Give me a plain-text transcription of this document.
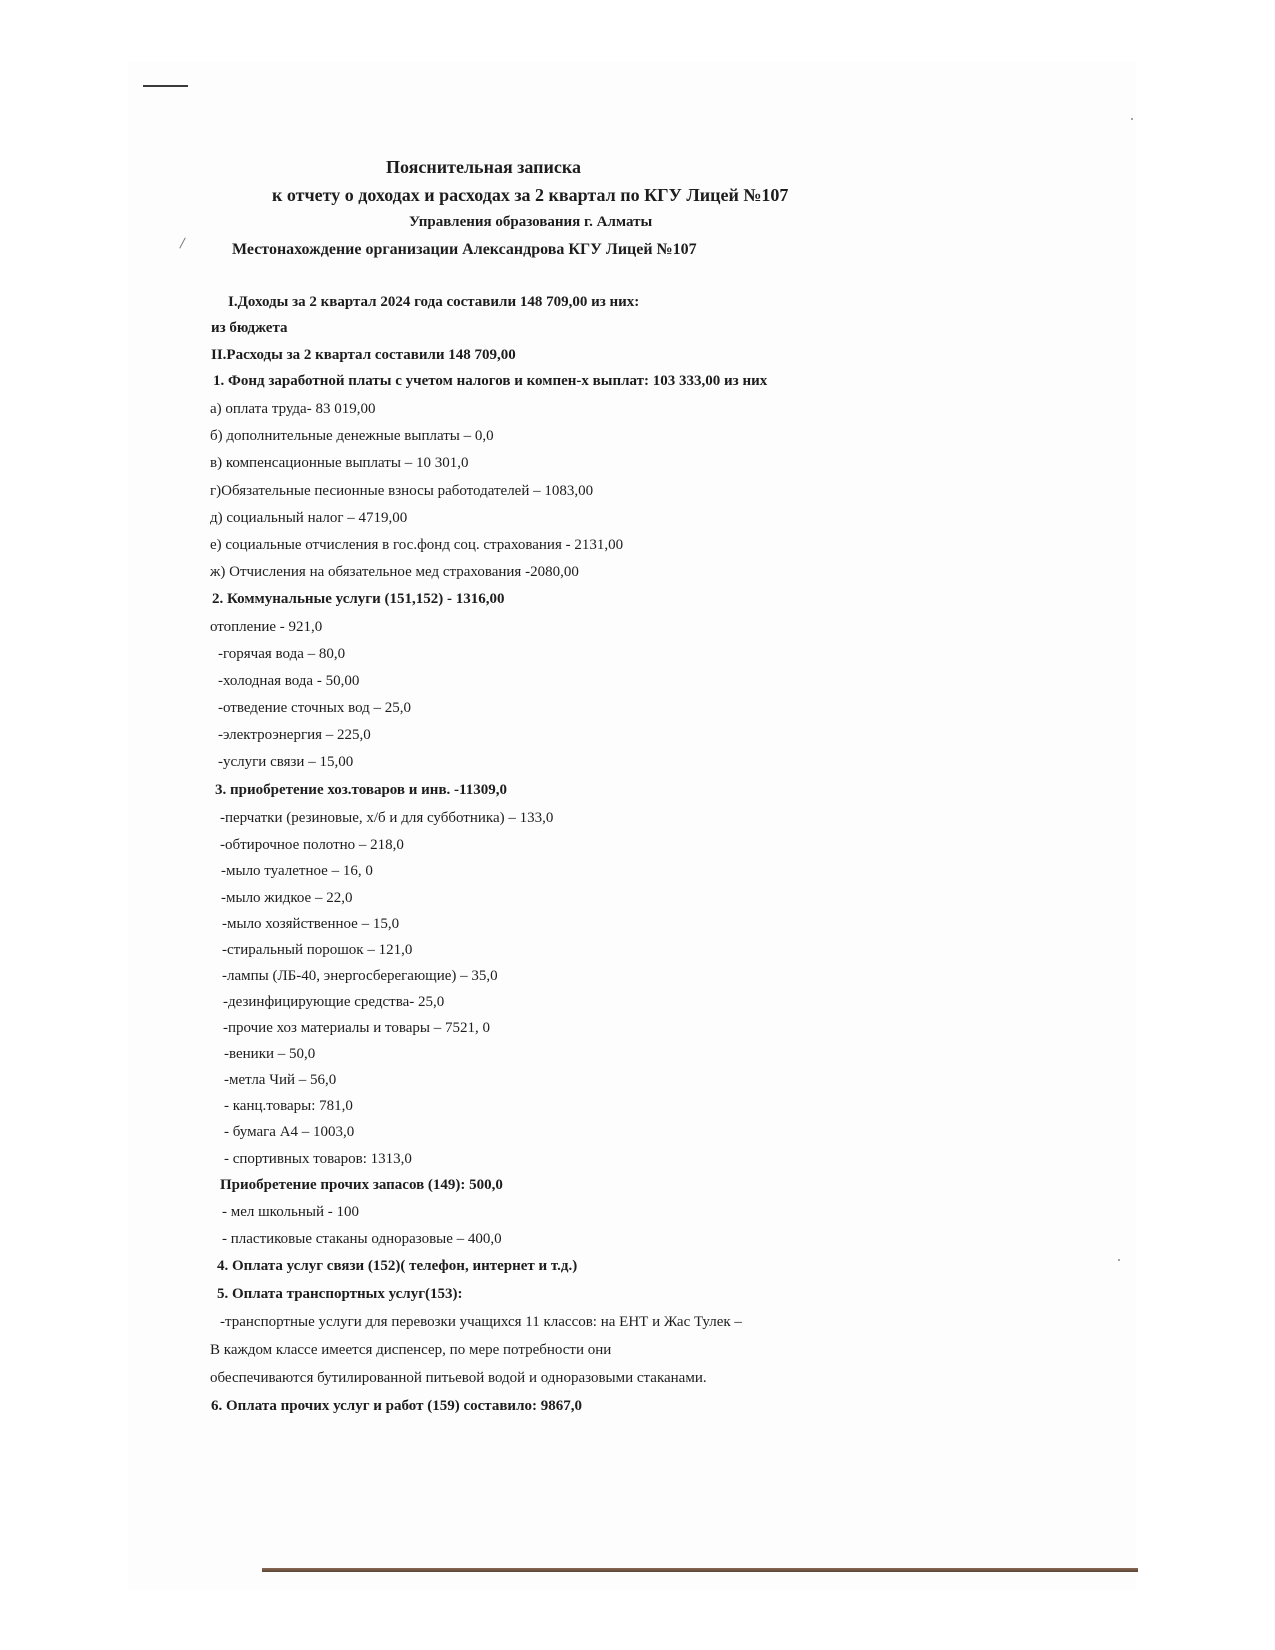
Пояснительная записка
к отчету о доходах и расходах за 2 квартал по КГУ Лицей №107
Управления образования г. Алматы
Местонахождение организации Александрова КГУ Лицей №107
I.Доходы за 2 квартал 2024 года составили 148 709,00 из них:
из бюджета
II.Расходы за 2 квартал составили 148 709,00
1. Фонд заработной платы с учетом налогов и компен-х выплат: 103 333,00 из них
а) оплата труда- 83 019,00
б) дополнительные денежные выплаты – 0,0
в) компенсационные выплаты – 10 301,0
г)Обязательные песионные взносы работодателей – 1083,00
д) социальный налог – 4719,00
е) социальные отчисления в гос.фонд соц. страхования - 2131,00
ж) Отчисления на обязательное мед страхования -2080,00
2. Коммунальные услуги (151,152) - 1316,00
отопление - 921,0
-горячая вода – 80,0
-холодная вода - 50,00
-отведение сточных вод – 25,0
-электроэнергия – 225,0
-услуги связи – 15,00
3. приобретение хоз.товаров и инв. -11309,0
-перчатки (резиновые, х/б и для субботника) – 133,0
-обтирочное полотно – 218,0
-мыло туалетное – 16, 0
-мыло жидкое – 22,0
-мыло хозяйственное – 15,0
-стиральный порошок – 121,0
-лампы (ЛБ-40, энергосберегающие) – 35,0
-дезинфицирующие средства- 25,0
-прочие хоз материалы и товары – 7521, 0
-веники – 50,0
-метла Чий – 56,0
- канц.товары: 781,0
- бумага А4 – 1003,0
- спортивных товаров: 1313,0
Приобретение прочих запасов (149): 500,0
- мел школьный - 100
- пластиковые стаканы одноразовые – 400,0
4. Оплата услуг связи (152)( телефон, интернет и т.д.)
5. Оплата транспортных услуг(153):
-транспортные услуги для перевозки учащихся 11 классов: на ЕНТ и Жас Тулек –
В каждом классе имеется диспенсер, по мере потребности они
обеспечиваются бутилированной питьевой водой и одноразовыми стаканами.
6. Оплата прочих услуг и работ (159) составило: 9867,0
